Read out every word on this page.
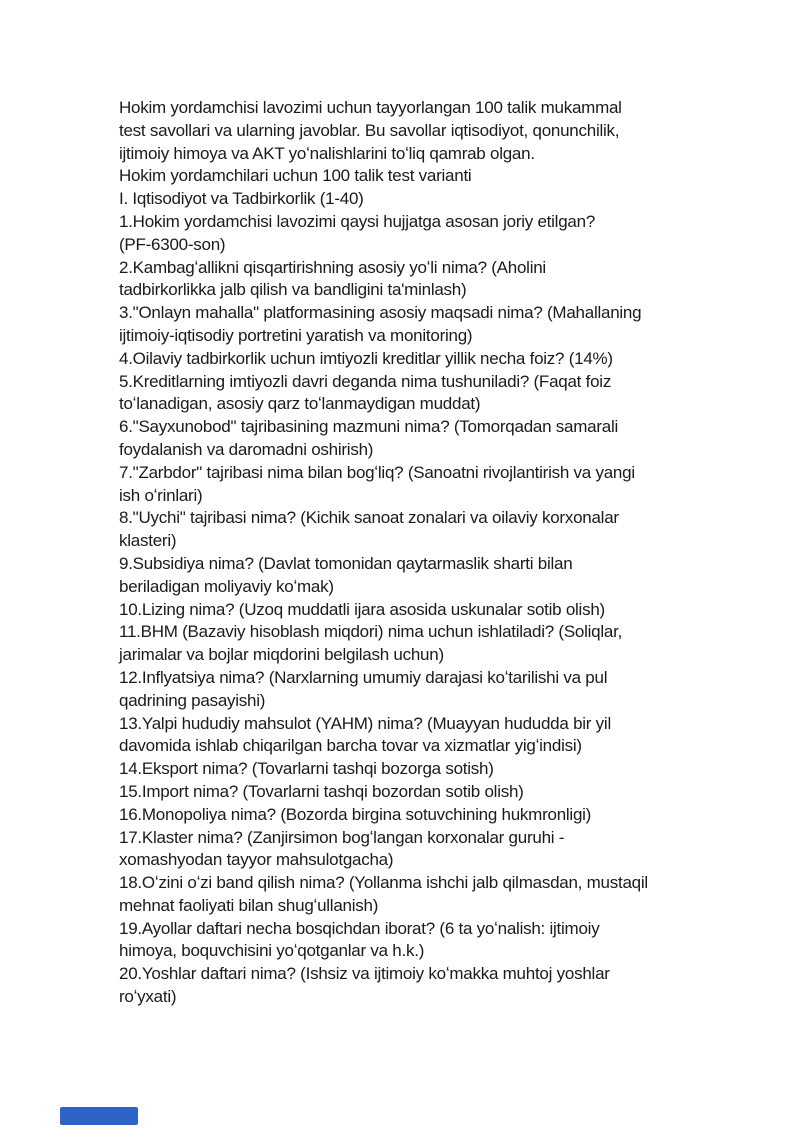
Hokim yordamchisi lavozimi uchun tayyorlangan 100 talik mukammal
test savollari va ularning javoblar. Bu savollar iqtisodiyot, qonunchilik,
ijtimoiy himoya va AKT yoʻnalishlarini toʻliq qamrab olgan.
Hokim yordamchilari uchun 100 talik test varianti
I. Iqtisodiyot va Tadbirkorlik (1-40)
1.Hokim yordamchisi lavozimi qaysi hujjatga asosan joriy etilgan?
(PF-6300-son)
2.Kambagʻallikni qisqartirishning asosiy yoʻli nima? (Aholini
tadbirkorlikka jalb qilish va bandligini ta'minlash)
3."Onlayn mahalla" platformasining asosiy maqsadi nima? (Mahallaning
ijtimoiy-iqtisodiy portretini yaratish va monitoring)
4.Oilaviy tadbirkorlik uchun imtiyozli kreditlar yillik necha foiz? (14%)
5.Kreditlarning imtiyozli davri deganda nima tushuniladi? (Faqat foiz
toʻlanadigan, asosiy qarz toʻlanmaydigan muddat)
6."Sayxunobod" tajribasining mazmuni nima? (Tomorqadan samarali
foydalanish va daromadni oshirish)
7."Zarbdor" tajribasi nima bilan bogʻliq? (Sanoatni rivojlantirish va yangi
ish oʻrinlari)
8."Uychi" tajribasi nima? (Kichik sanoat zonalari va oilaviy korxonalar
klasteri)
9.Subsidiya nima? (Davlat tomonidan qaytarmaslik sharti bilan
beriladigan moliyaviy koʻmak)
10.Lizing nima? (Uzoq muddatli ijara asosida uskunalar sotib olish)
11.BHM (Bazaviy hisoblash miqdori) nima uchun ishlatiladi? (Soliqlar,
jarimalar va bojlar miqdorini belgilash uchun)
12.Inflyatsiya nima? (Narxlarning umumiy darajasi koʻtarilishi va pul
qadrining pasayishi)
13.Yalpi hududiy mahsulot (YAHM) nima? (Muayyan hududda bir yil
davomida ishlab chiqarilgan barcha tovar va xizmatlar yigʻindisi)
14.Eksport nima? (Tovarlarni tashqi bozorga sotish)
15.Import nima? (Tovarlarni tashqi bozordan sotib olish)
16.Monopoliya nima? (Bozorda birgina sotuvchining hukmronligi)
17.Klaster nima? (Zanjirsimon bogʻlangan korxonalar guruhi -
xomashyodan tayyor mahsulotgacha)
18.Oʻzini oʻzi band qilish nima? (Yollanma ishchi jalb qilmasdan, mustaqil
mehnat faoliyati bilan shugʻullanish)
19.Ayollar daftari necha bosqichdan iborat? (6 ta yoʻnalish: ijtimoiy
himoya, boquvchisini yoʻqotganlar va h.k.)
20.Yoshlar daftari nima? (Ishsiz va ijtimoiy koʻmakka muhtoj yoshlar
roʻyxati)
